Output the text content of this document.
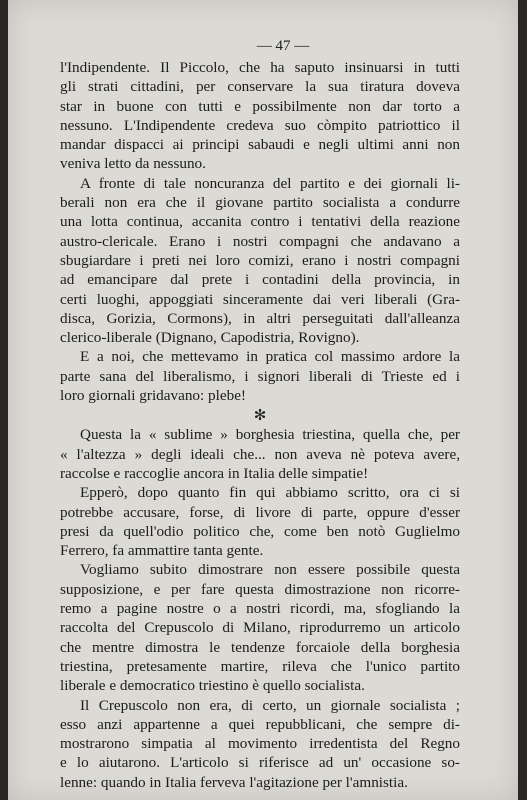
— 47 —
l'Indipendente. Il Piccolo, che ha saputo insinuarsi in tutti
gli strati cittadini, per conservare la sua tiratura doveva
star in buone con tutti e possibilmente non dar torto a
nessuno. L'Indipendente credeva suo còmpito patriottico il
mandar dispacci ai principi sabaudi e negli ultimi anni non
veniva letto da nessuno.
A fronte di tale noncuranza del partito e dei giornali li-
berali non era che il giovane partito socialista a condurre
una lotta continua, accanita contro i tentativi della reazione
austro-clericale. Erano i nostri compagni che andavano a
sbugiardare i preti nei loro comizi, erano i nostri compagni
ad emancipare dal prete i contadini della provincia, in
certi luoghi, appoggiati sinceramente dai veri liberali (Gra-
disca, Gorizia, Cormons), in altri perseguitati dall'alleanza
clerico-liberale (Dignano, Capodistria, Rovigno).
E a noi, che mettevamo in pratica col massimo ardore la
parte sana del liberalismo, i signori liberali di Trieste ed i
loro giornali gridavano: plebe!
✻
Questa la « sublime » borghesia triestina, quella che, per
« l'altezza » degli ideali che... non aveva nè poteva avere,
raccolse e raccoglie ancora in Italia delle simpatie!
Epperò, dopo quanto fin qui abbiamo scritto, ora ci si
potrebbe accusare, forse, di livore di parte, oppure d'esser
presi da quell'odio politico che, come ben notò Guglielmo
Ferrero, fa ammattire tanta gente.
Vogliamo subito dimostrare non essere possibile questa
supposizione, e per fare questa dimostrazione non ricorre-
remo a pagine nostre o a nostri ricordi, ma, sfogliando la
raccolta del Crepuscolo di Milano, riprodurremo un articolo
che mentre dimostra le tendenze forcaiole della borghesia
triestina, pretesamente martire, rileva che l'unico partito
liberale e democratico triestino è quello socialista.
Il Crepuscolo non era, di certo, un giornale socialista ;
esso anzi appartenne a quei repubblicani, che sempre di-
mostrarono simpatia al movimento irredentista del Regno
e lo aiutarono. L'articolo si riferisce ad un' occasione so-
lenne: quando in Italia ferveva l'agitazione per l'amnistia.
